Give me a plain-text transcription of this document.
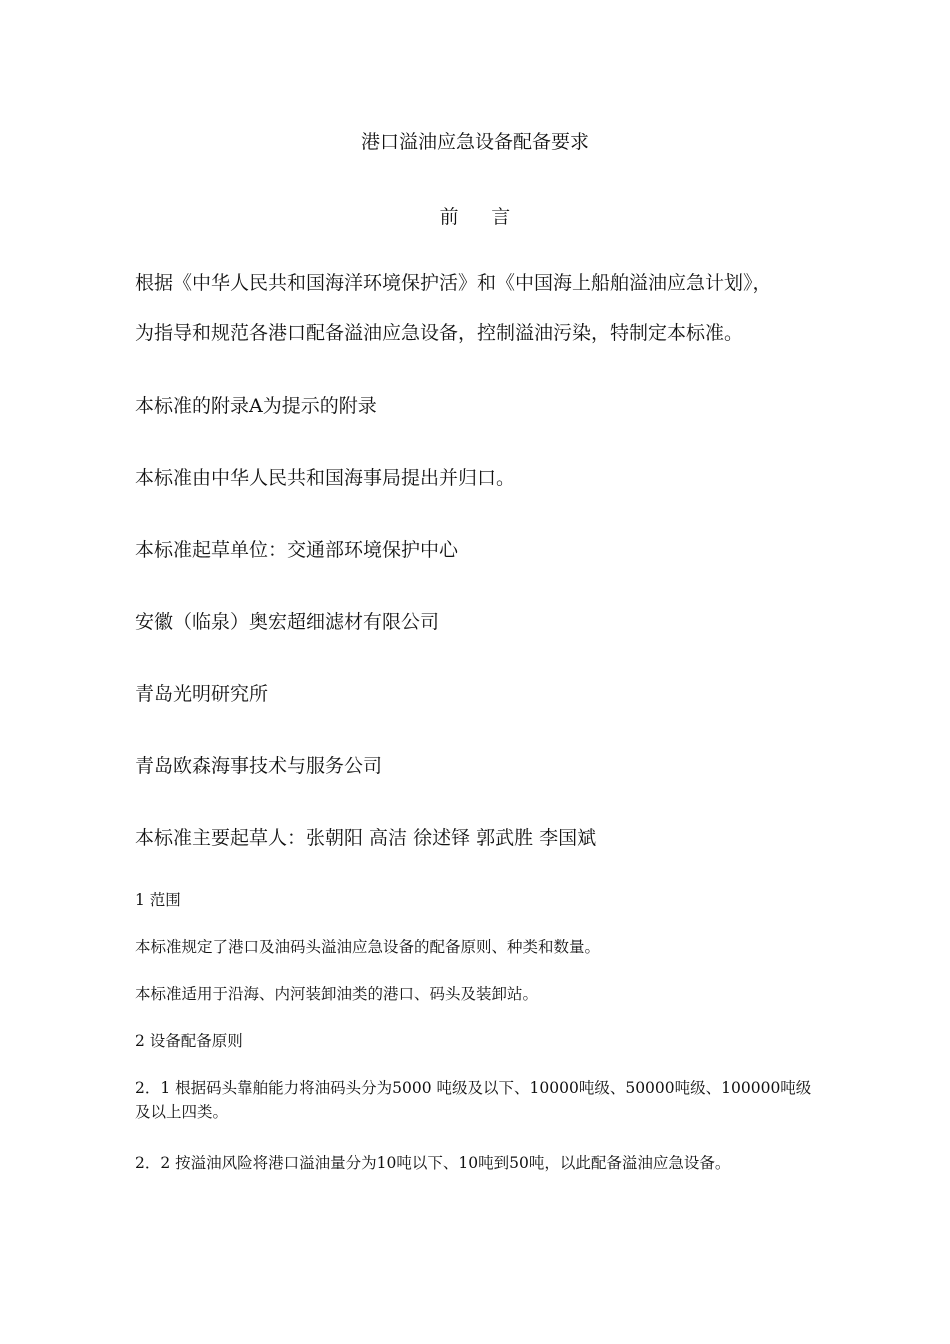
港口溢油应急设备配备要求
前 言
根据《中华人民共和国海洋环境保护活》和《中国海上船舶溢油应急计划》，
为指导和规范各港口配备溢油应急设备，控制溢油污染，特制定本标准。
本标准的附录A为提示的附录
本标准由中华人民共和国海事局提出并归口。
本标准起草单位：交通部环境保护中心
安徽（临泉）奥宏超细滤材有限公司
青岛光明研究所
青岛欧森海事技术与服务公司
本标准主要起草人：张朝阳 高洁 徐述铎 郭武胜 李国斌
1 范围
本标准规定了港口及油码头溢油应急设备的配备原则、种类和数量。
本标准适用于沿海、内河装卸油类的港口、码头及装卸站。
2 设备配备原则
2．1 根据码头靠舶能力将油码头分为5000 吨级及以下、10000吨级、50000吨级、100000吨级及以上四类。
2．2 按溢油风险将港口溢油量分为10吨以下、10吨到50吨，以此配备溢油应急设备。
